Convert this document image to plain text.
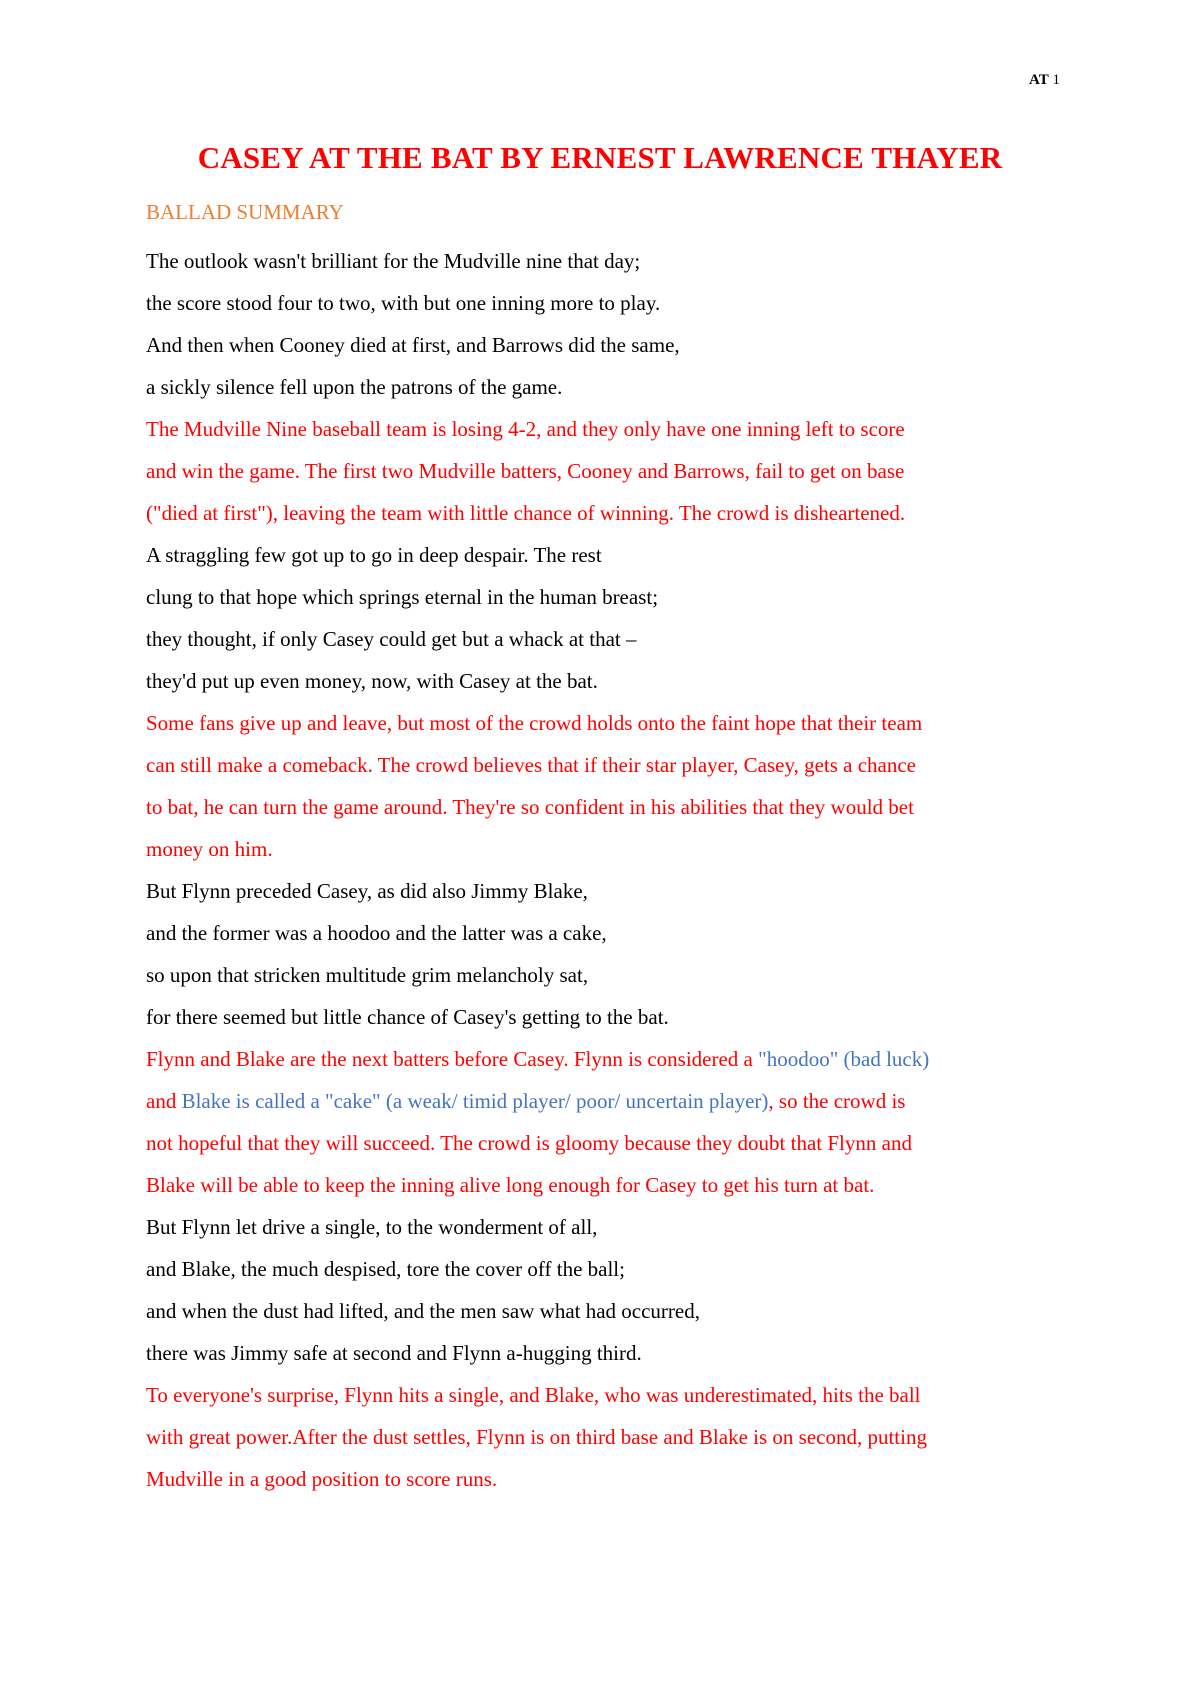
AT 1
CASEY AT THE BAT BY ERNEST LAWRENCE THAYER
BALLAD SUMMARY

The outlook wasn't brilliant for the Mudville nine that day;

the score stood four to two, with but one inning more to play.

And then when Cooney died at first, and Barrows did the same,

a sickly silence fell upon the patrons of the game.

The Mudville Nine baseball team is losing 4-2, and they only have one inning left to score

and win the game. The first two Mudville batters, Cooney and Barrows, fail to get on base

("died at first"), leaving the team with little chance of winning. The crowd is disheartened.

A straggling few got up to go in deep despair. The rest

clung to that hope which springs eternal in the human breast;

they thought, if only Casey could get but a whack at that –

they'd put up even money, now, with Casey at the bat.

Some fans give up and leave, but most of the crowd holds onto the faint hope that their team

can still make a comeback. The crowd believes that if their star player, Casey, gets a chance

to bat, he can turn the game around. They're so confident in his abilities that they would bet

money on him.

But Flynn preceded Casey, as did also Jimmy Blake,

and the former was a hoodoo and the latter was a cake,

so upon that stricken multitude grim melancholy sat,

for there seemed but little chance of Casey's getting to the bat.

Flynn and Blake are the next batters before Casey. Flynn is considered a "hoodoo" (bad luck)

and Blake is called a "cake" (a weak/ timid player/ poor/ uncertain player), so the crowd is

not hopeful that they will succeed. The crowd is gloomy because they doubt that Flynn and

Blake will be able to keep the inning alive long enough for Casey to get his turn at bat.

But Flynn let drive a single, to the wonderment of all,

and Blake, the much despised, tore the cover off the ball;

and when the dust had lifted, and the men saw what had occurred,

there was Jimmy safe at second and Flynn a-hugging third.

To everyone's surprise, Flynn hits a single, and Blake, who was underestimated, hits the ball

with great power.After the dust settles, Flynn is on third base and Blake is on second, putting

Mudville in a good position to score runs.
